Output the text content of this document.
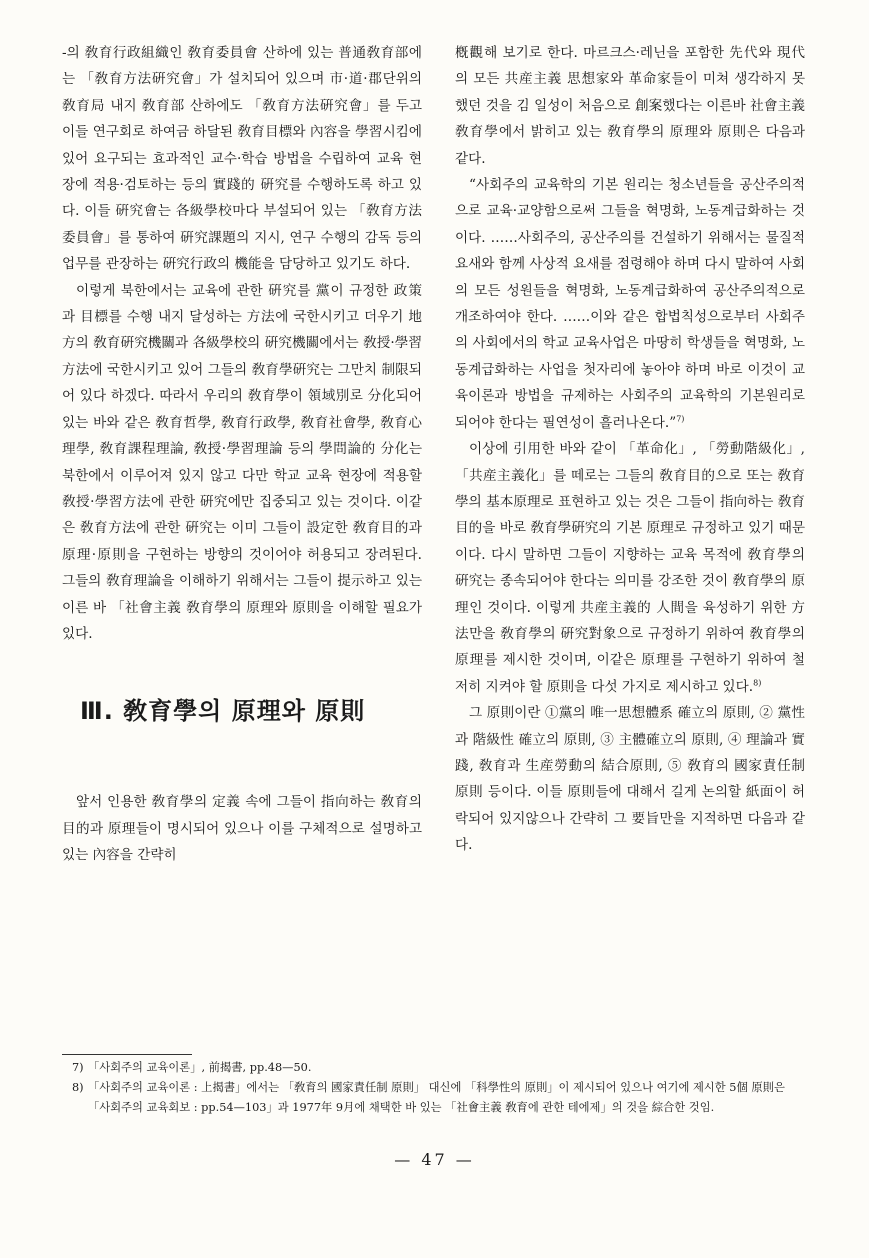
-의 敎育行政組織인 敎育委員會 산하에 있는 普通敎育部에는 「敎育方法硏究會」가 설치되어 있으며 市·道·郡단위의 敎育局 내지 敎育部 산하에도 「敎育方法硏究會」를 두고 이들 연구회로 하여금 하달된 敎育目標와 內容을 學習시킴에 있어 요구되는 효과적인 교수·학습 방법을 수립하여 교육 현장에 적용·검토하는 등의 實踐的 硏究를 수행하도록 하고 있다. 이들 硏究會는 各級學校마다 부설되어 있는 「敎育方法委員會」를 통하여 硏究課題의 지시, 연구 수행의 감독 등의 업무를 관장하는 硏究行政의 機能을 담당하고 있기도 하다.

이렇게 북한에서는 교육에 관한 硏究를 黨이 규정한 政策과 目標를 수행 내지 달성하는 方法에 국한시키고 더우기 地方의 敎育硏究機關과 各級學校의 硏究機關에서는 敎授·學習方法에 국한시키고 있어 그들의 敎育學硏究는 그만치 制限되어 있다 하겠다. 따라서 우리의 敎育學이 領域別로 分化되어 있는 바와 같은 敎育哲學, 敎育行政學, 敎育社會學, 敎育心理學, 敎育課程理論, 敎授·學習理論 등의 學問論的 分化는 북한에서 이루어져 있지 않고 다만 학교 교육 현장에 적용할 敎授·學習方法에 관한 硏究에만 집중되고 있는 것이다. 이같은 敎育方法에 관한 硏究는 이미 그들이 設定한 敎育目的과 原理·原則을 구현하는 방향의 것이어야 허용되고 장려된다. 그들의 敎育理論을 이해하기 위해서는 그들이 提示하고 있는 이른 바 「社會主義 敎育學의 原理와 原則을 이해할 필요가 있다.

Ⅲ. 敎育學의 原理와 原則

앞서 인용한 敎育學의 定義 속에 그들이 指向하는 敎育의 目的과 原理들이 명시되어 있으나 이를 구체적으로 설명하고 있는 內容을 간략히

槪觀해 보기로 한다. 마르크스·레닌을 포함한 先代와 現代의 모든 共産主義 思想家와 革命家들이 미쳐 생각하지 못했던 것을 김 일성이 처음으로 創案했다는 이른바 社會主義 敎育學에서 밝히고 있는 敎育學의 原理와 原則은 다음과 같다.

“사회주의 교육학의 기본 원리는 청소년들을 공산주의적으로 교육·교양함으로써 그들을 혁명화, 노동계급화하는 것이다. ……사회주의, 공산주의를 건설하기 위해서는 물질적 요새와 함께 사상적 요새를 점령해야 하며 다시 말하여 사회의 모든 성원들을 혁명화, 노동계급화하여 공산주의적으로 개조하여야 한다. ……이와 같은 합법칙성으로부터 사회주의 사회에서의 학교 교육사업은 마땅히 학생들을 혁명화, 노동계급화하는 사업을 첫자리에 놓아야 하며 바로 이것이 교육이론과 방법을 규제하는 사회주의 교육학의 기본원리로 되어야 한다는 필연성이 흘러나온다.”$^{7)}$

이상에 引用한 바와 같이 「革命化」, 「勞動階級化」, 「共産主義化」를 떼로는 그들의 敎育目的으로 또는 敎育學의 基本原理로 표현하고 있는 것은 그들이 指向하는 敎育 目的을 바로 敎育學硏究의 기본 原理로 규정하고 있기 때문이다. 다시 말하면 그들이 지향하는 교육 목적에 敎育學의 硏究는 종속되어야 한다는 의미를 강조한 것이 敎育學의 原理인 것이다. 이렇게 共産主義的 人間을 육성하기 위한 方法만을 敎育學의 硏究對象으로 규정하기 위하여 敎育學의 原理를 제시한 것이며, 이같은 原理를 구현하기 위하여 철저히 지켜야 할 原則을 다섯 가지로 제시하고 있다.$^{8)}$

그 原則이란 ①黨의 唯一思想體系 確立의 原則, ② 黨性과 階級性 確立의 原則, ③ 主體確立의 原則, ④ 理論과 實踐, 敎育과 生産勞動의 結合原則, ⑤ 敎育의 國家責任制 原則 등이다. 이들 原則들에 대해서 길게 논의할 紙面이 허락되어 있지않으나 간략히 그 要旨만을 지적하면 다음과 같다.

7) 「사회주의 교육이론」, 前揭書, pp.48—50.
8) 「사회주의 교육이론 : 上揭書」에서는 「敎育의 國家責任制 原則」 대신에 「科學性의 原則」이 제시되어 있으나 여기에 제시한 5個 原則은 「사회주의 교육회보 : pp.54—103」과 1977年 9月에 채택한 바 있는 「社會主義 敎育에 관한 테에제」의 것을 綜合한 것임.
— 47 —
